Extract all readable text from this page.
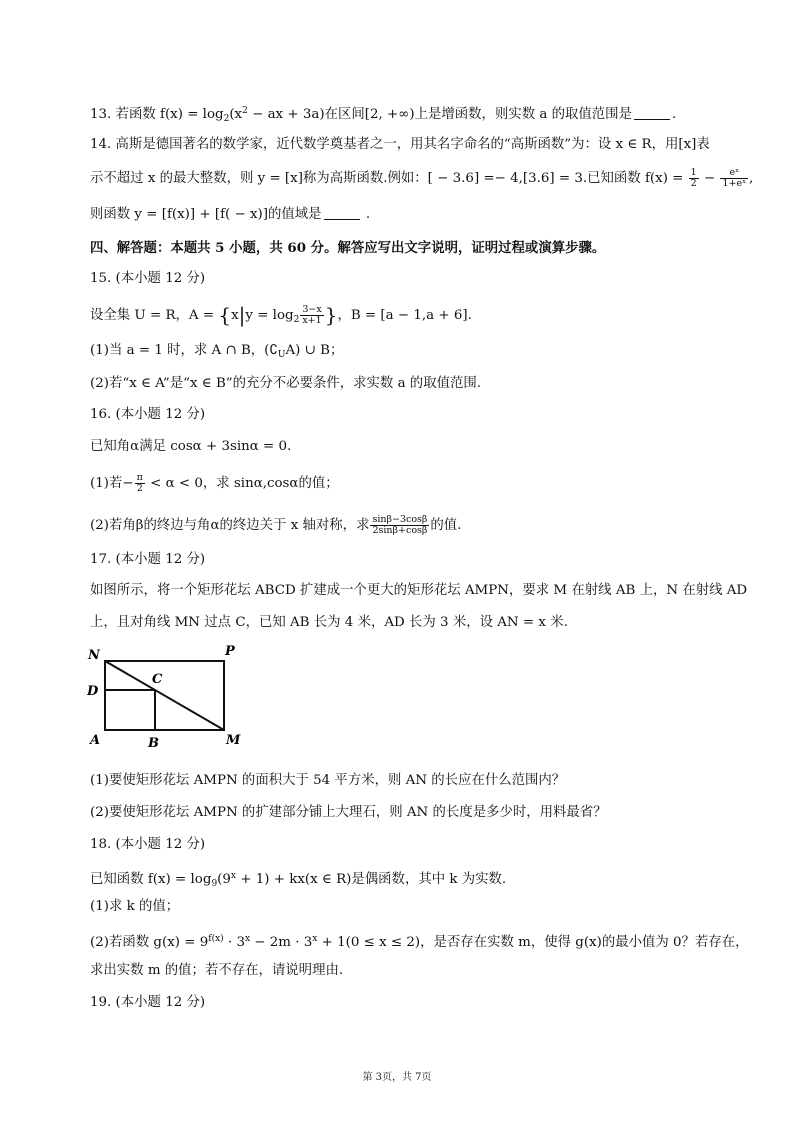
13. 若函数 $f(x) = \log_2(x^2$ − ax + 3a)在区间[2, +∞)上是增函数，则实数 a 的取值范围是	.
14. 高斯是德国著名的数学家，近代数学奠基者之一，用其名字命名的“高斯函数”为：设 x ∈ R，用[x]表
示不超过 x 的最大整数，则 y = [x]称为高斯函数.例如：[ − 3.6] =− 4,[3.6] = 3.已知函数 $f(x) = \frac{1}{2} - \frac{\text{eˣ}}{\text{1+eˣ}}$ ,
则函数 y = [f(x)] + [f( − x)]的值域是	.
四、解答题：本题共 5 小题，共 60 分。解答应写出文字说明，证明过程或演算步骤。
15. (本小题 12 分)
设全集 U = R，$A = \{x|y = \log_2 \frac{3-x}{x+1}$ }，B = [a − 1,a + 6].
(1)当 a = 1 时，求 A ∩ B，$(∁_UA)$ ∪ B；
(2)若“x ∈ A”是“x ∈ B”的充分不必要条件，求实数 a 的取值范围.
16. (本小题 12 分)
已知角α满足 cosα + 3sinα = 0.
(1)若− $\frac{\pi}{2} < \alpha < 0$，求 sinα,cosα的值；
(2)若角β的终边与角α的终边关于 x 轴对称，求 $\frac{\sin\beta-3\cos\beta}{2\sin\beta+\cos\beta}$ 的值.
17. (本小题 12 分)
如图所示，将一个矩形花坛 ABCD 扩建成一个更大的矩形花坛 AMPN，要求 M 在射线 AB 上，N 在射线 AD
上，且对角线 MN 过点 C，已知 AB 长为 4 米，AD 长为 3 米，设 AN = x 米.
N	P
D
C
A	B	M
(1)要使矩形花坛 AMPN 的面积大于 54 平方米，则 AN 的长应在什么范围内？
(2)要使矩形花坛 AMPN 的扩建部分铺上大理石，则 AN 的长度是多少时，用料最省？
18. (本小题 12 分)
已知函数 $f(x) = \log_9(9^x + 1) + kx(x$ ∈ R)是偶函数，其中 k 为实数.
(1)求 k 的值；
(2)若函数 $g(x) = 9^{f(x)} \cdot 3^x - 2m \cdot 3^x + 1(0 \le x \le 2)$，是否存在实数 m，使得 g(x)的最小值为 0？若存在，
求出实数 m 的值；若不存在，请说明理由.
19. (本小题 12 分)
第 3页，共 7页
